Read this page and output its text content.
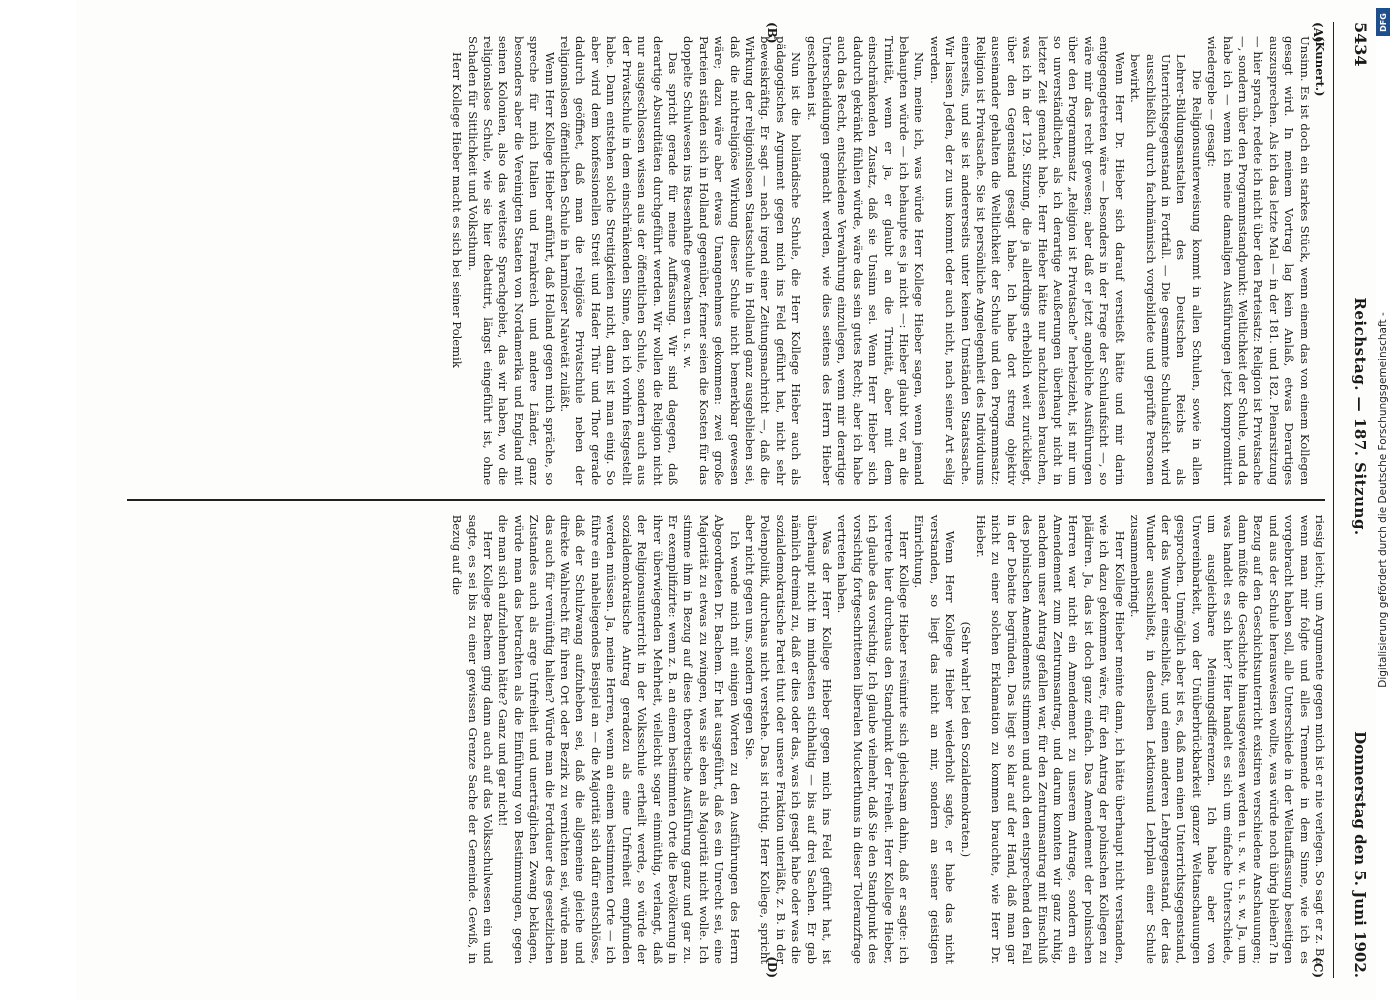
5434
Reichstag. — 187. Sitzung.
Donnerstag den 5. Juni 1902.
(A)
(B)

(Kunert.)

Unsinn. Es ist doch ein starkes Stück, wenn einem das von einem Kollegen gesagt wird. In meinem Vortrag lag kein Anlaß, etwas Derartiges auszusprechen. Als ich das letzte Mal — in der 181. und 182. Plenarsitzung — hier sprach, redete ich nicht über den Parteisatz: Religion ist Privatsache —, sondern über den Programmstandpunkt: Weltlichkeit der Schule, und da habe ich — wenn ich meine damaligen Ausführungen jetzt kompromittirt wiedergebe — gesagt:

Die Religionsunterweisung kommt in allen Schulen, sowie in allen Lehrer-Bildungsanstalten des Deutschen Reichs als Unterrichtsgegenstand in Fortfall. — Die gesammte Schulaufsicht wird ausschließlich durch fachmännisch vorgebildete und geprüfte Personen bewirkt.

Wenn Herr Dr. Hieber sich darauf verstießt hätte und mir darin entgegengetreten wäre — besonders in der Frage der Schulaufsicht —, so wäre mir das recht gewesen; aber daß er jetzt angebliche Ausführungen über den Programmsatz „Religion ist Privatsache“ herbeizieht, ist mir um so unverständlicher, als ich derartige Aeußerungen überhaupt nicht in letzter Zeit gemacht habe. Herr Hieber hätte nur nachzulesen brauchen, was ich in der 129. Sitzung, die ja allerdings erheblich weit zurückliegt, über den Gegenstand gesagt habe. Ich habe dort streng objektiv auseinander gehalten die Weltlichkeit der Schule und den Programmsatz: Religion ist Privatsache. Sie ist persönliche Angelegenheit des Individuums einerseits, und sie ist andererseits unter keinen Umständen Staatssache. Wir lassen Jeden, der zu uns kommt oder auch nicht, nach seiner Art selig werden.

Nun, meine ich, was würde Herr Kollege Hieber sagen, wenn jemand behaupten würde — ich behaupte es ja nicht —: Hieber glaubt vor, an die Trinität, wenn er ja, er glaubt an die Trinität, aber mit dem einschränkenden Zusatz, daß sie Unsinn sei. Wenn Herr Hieber sich dadurch gekränkt fühlen würde, wäre das sein gutes Recht; aber ich habe auch das Recht, entschiedene Verwahrung einzulegen, wenn mir derartige Unterscheidungen gemacht werden, wie dies seitens des Herrn Hieber geschehen ist.

Nun ist die holländische Schule, die Herr Kollege Hieber auch als pädagogisches Argument gegen mich ins Feld geführt hat, nicht sehr beweiskräftig. Er sagt — nach irgend einer Zeitungsnachricht —, daß die Wirkung der religionslosen Staatsschule in Holland ganz ausgeblieben sei, daß die nichtreligiöse Wirkung dieser Schule nicht bemerkbar gewesen wäre; dazu wäre aber etwas Unangenehmes gekommen: zwei große Parteien ständen sich in Holland gegenüber, ferner seien die Kosten für das doppelte Schulwesen ins Riesenhafte gewachsen u. s. w.

Das spricht gerade für meine Auffassung. Wir sind dagegen, daß derartige Absurditäten durchgeführt werden. Wir wollen die Religion nicht nur ausgeschlossen wissen aus der öffentlichen Schule, sondern auch aus der Privatschule in dem einschränkenden Sinne, den ich vorhin festgestellt habe. Dann entstehen solche Streitigkeiten nicht, dann ist man einig. So aber wird dem konfessionellen Streit und Hader Thür und Thor gerade dadurch geöffnet, daß man die religiöse Privatschule neben der religionslosen öffentlichen Schule in harmloser Naivetät zuläßt.

Wenn Herr Kollege Hieber anführt, daß Holland gegen mich spräche, so spreche für mich Italien und Frankreich und andere Länder, ganz besonders aber die Vereinigten Staaten von Nordamerika und England mit seinen Kolonien, also das weiteste Sprachgebiet, das wir haben, wo die religionslose Schule, wie sie hier debattirt, längst eingeführt ist, ohne Schaden für Sittlichkeit und Volksthum.

Herr Kollege Hieber macht es sich bei seiner Polemik

(C)
(D)

riesig leicht; um Argumente gegen mich ist er nie verlegen. So sagt er z. B.: wenn man mir folgte und alles Trennende in dem Sinne, wie ich es vorgebracht haben soll, alle Unterschiede in der Weltauffassung beseitigen und aus der Schule herausweisen wollte, was würde noch übrig bleiben? In Bezug auf den Geschichtsunterricht existiren verschiedene Anschauungen; dann müßte die Geschichte hinausgewiesen werden u. s. w. u. s. w. Ja, um was handelt es sich hier? Hier handelt es sich um einfache Unterschiede, um ausgleichbare Meinungsdifferenzen. Ich habe aber von Unvereinbarkeit, von der Unüberbrückbarkeit ganzer Weltanschauungen gesprochen. Unmöglich aber ist es, daß man einen Unterrichtsgegenstand, der das Wunder einschließt, und einen anderen Lehrgegenstand, der das Wunder ausschließt, in denselben Lektionsund Lehrplan einer Schule zusammenbringt.

Herr Kollege Hieber meinte dann, ich hätte überhaupt nicht verstanden, wie ich dazu gekommen wäre, für den Antrag der polnischen Kollegen zu plädiren. Ja, das ist doch ganz einfach. Das Amendement der polnischen Herren war nicht ein Amendement zu unserem Antrage, sondern ein Amendement zum Zentrumsantrag, und darum konnten wir ganz ruhig, nachdem unser Antrag gefallen war, für den Zentrumsantrag mit Einschluß des polnischen Amendements stimmen und auch den entsprechend den Fall in der Debatte begründen. Das liegt so klar auf der Hand, daß man gar nicht zu einer solchen Erklamation zu kommen brauchte, wie Herr Dr. Hieber.

(Sehr wahr! bei den Sozialdemokraten.)

Wenn Herr Kollege Hieber wiederholt sagte, er habe das nicht verstanden, so liegt das nicht an mir, sondern an seiner geistigen Einrichtung.

Herr Kollege Hieber resümirte sich gleichsam dahin, daß er sagte: ich vertrete hier durchaus den Standpunkt der Freiheit. Herr Kollege Hieber, ich glaube das vorsichtig. Ich glaube vielmehr, daß Sie den Standpunkt des vorsichtig fortgeschrittenen liberalen Muckerthums in dieser Toleranzfrage vertreten haben.

Was der Herr Kollege Hieber gegen mich ins Feld geführt hat, ist überhaupt nicht im mindesten stichhaltig — bis auf drei Sachen. Er gab nämlich dreimal zu, daß er dies oder das, was ich gesagt habe oder was die sozialdemokratische Partei thut oder unsere Fraktion unterläßt, z. B. in der Polenpolitik, durchaus nicht verstehe. Das ist richtig. Herr Kollege, spricht aber nicht gegen uns, sondern gegen Sie.

Ich wende mich mit einigen Worten zu den Ausführungen des Herrn Abgeordneten Dr. Bachem. Er hat ausgeführt, daß es ein Unrecht sei, eine Majorität zu etwas zu zwingen, was sie eben als Majorität nicht wolle. Ich stimme ihm in Bezug auf diese theoretische Ausführung ganz und gar zu. Er exemplifizirte: wenn z. B. an einem bestimmten Orte die Bevölkerung in ihrer überwiegenden Mehrheit, vielleicht sogar einmüthig, verlangt, daß der Religionsunterricht in der Volksschule ertheilt werde, so würde der sozialdemokratische Antrag geradezu als eine Unfreiheit empfunden werden müssen. Ja, meine Herren, wenn an einem bestimmten Orte — ich führe ein naheliegendes Beispiel an — die Majorität sich dafür entschlösse, daß der Schulzwang aufzuheben sei, daß die allgemeine gleiche und direkte Wahlrecht für ihren Ort oder Bezirk zu vernichten sei, würde man das auch für vernünftig halten? Würde man die Fortdauer des gesetzlichen Zustandes auch als arge Unfreiheit und unerträglichen Zwang beklagen, würde man das betrachten als die Einführung von Bestimmungen, gegen die man sich aufzulehnen hätte? Ganz und gar nicht!

Herr Kollege Bachem ging dann auch auf das Volksschulwesen ein und sagte, es sei bis zu einer gewissen Grenze Sache der Gemeinde. Gewiß, in Bezug auf die

DFG
Digitalisierung gefördert durch die Deutsche Forschungsgemeinschaft -
